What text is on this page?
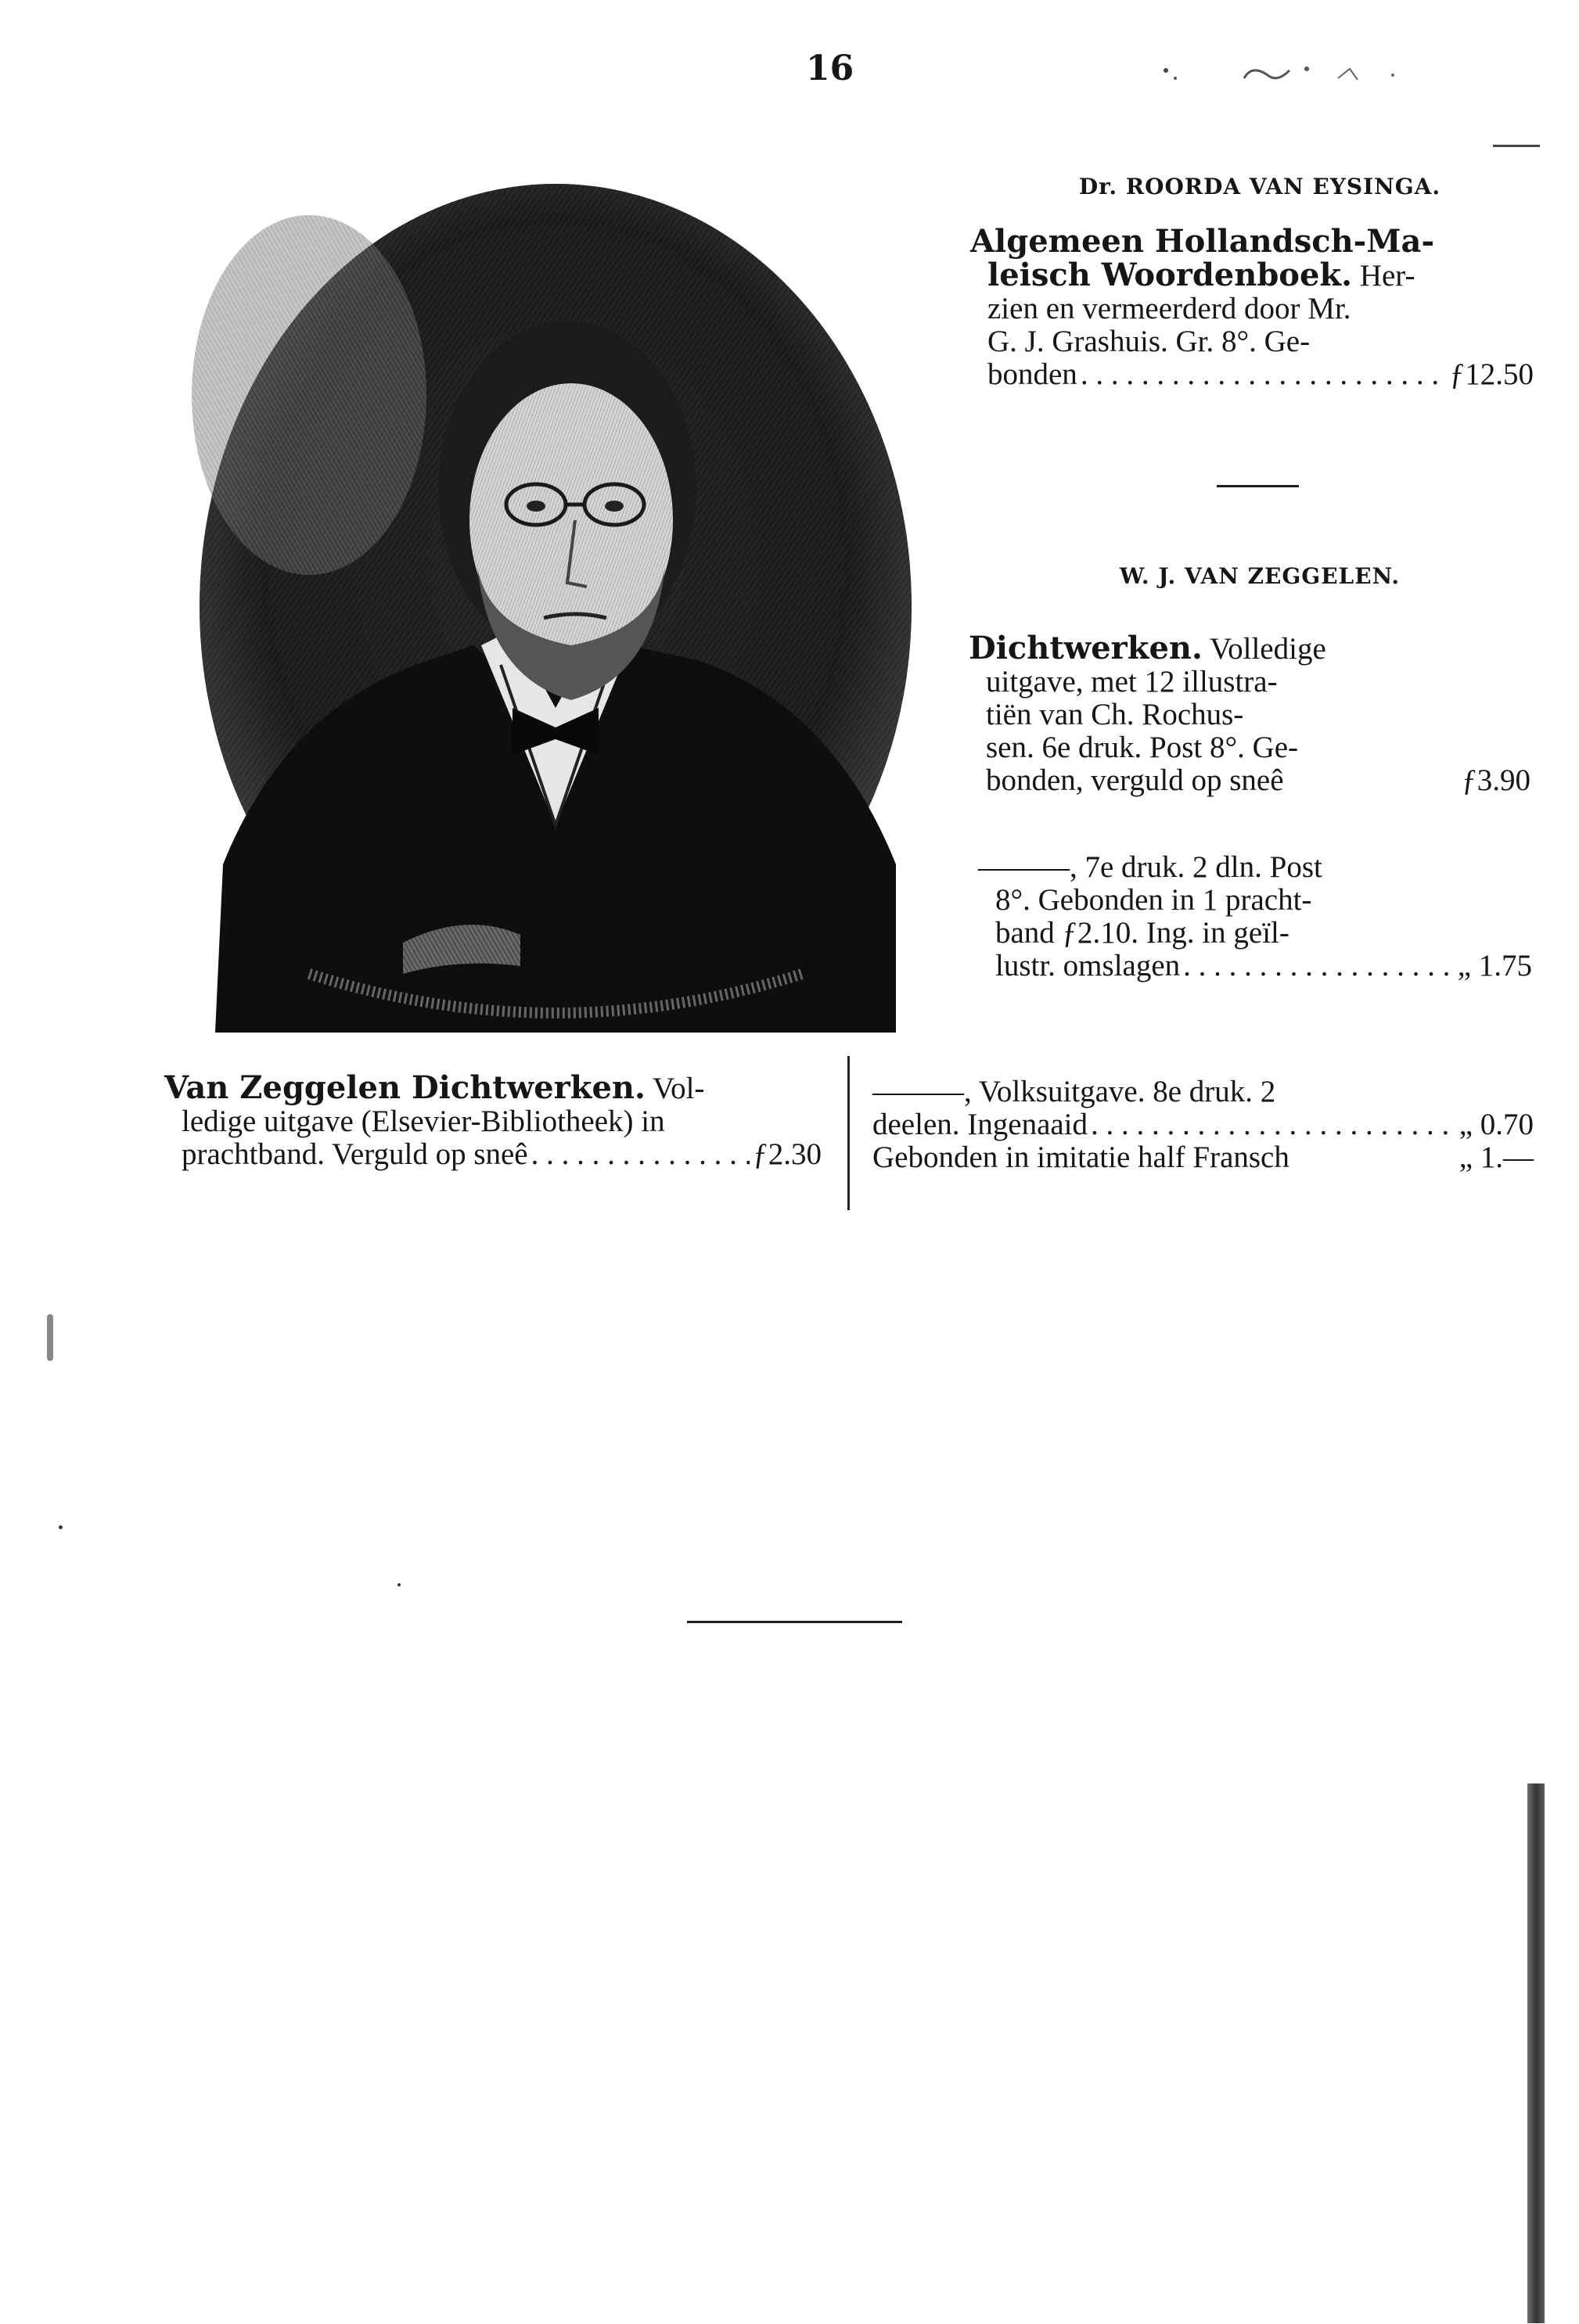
16
Dr. ROORDA VAN EYSINGA.
Algemeen Hollandsch-Ma-
leisch Woordenboek. Her-
zien en vermeerderd door Mr.
G. J. Grashuis. Gr. 8°. Ge-
bonden . . .	ƒ12.50
W. J. VAN ZEGGELEN.
Dichtwerken. Volledige
uitgave, met 12 illustra-
tiën van Ch. Rochus-
sen. 6e druk. Post 8°. Ge-
bonden, verguld op sneê	ƒ3.90
———, 7e druk. 2 dln. Post
8°. Gebonden in 1 pracht-
band ƒ2.10. Ing. in geïl-
lustr. omslagen . . .	„ 1.75
Van Zeggelen Dichtwerken. Vol-
ledige uitgave (Elsevier-Bibliotheek) in
prachtband. Verguld op sneê . . .	ƒ2.30
———, Volksuitgave. 8e druk. 2
deelen. Ingenaaid . . .	„ 0.70
Gebonden in imitatie half Fransch	„ 1.—
